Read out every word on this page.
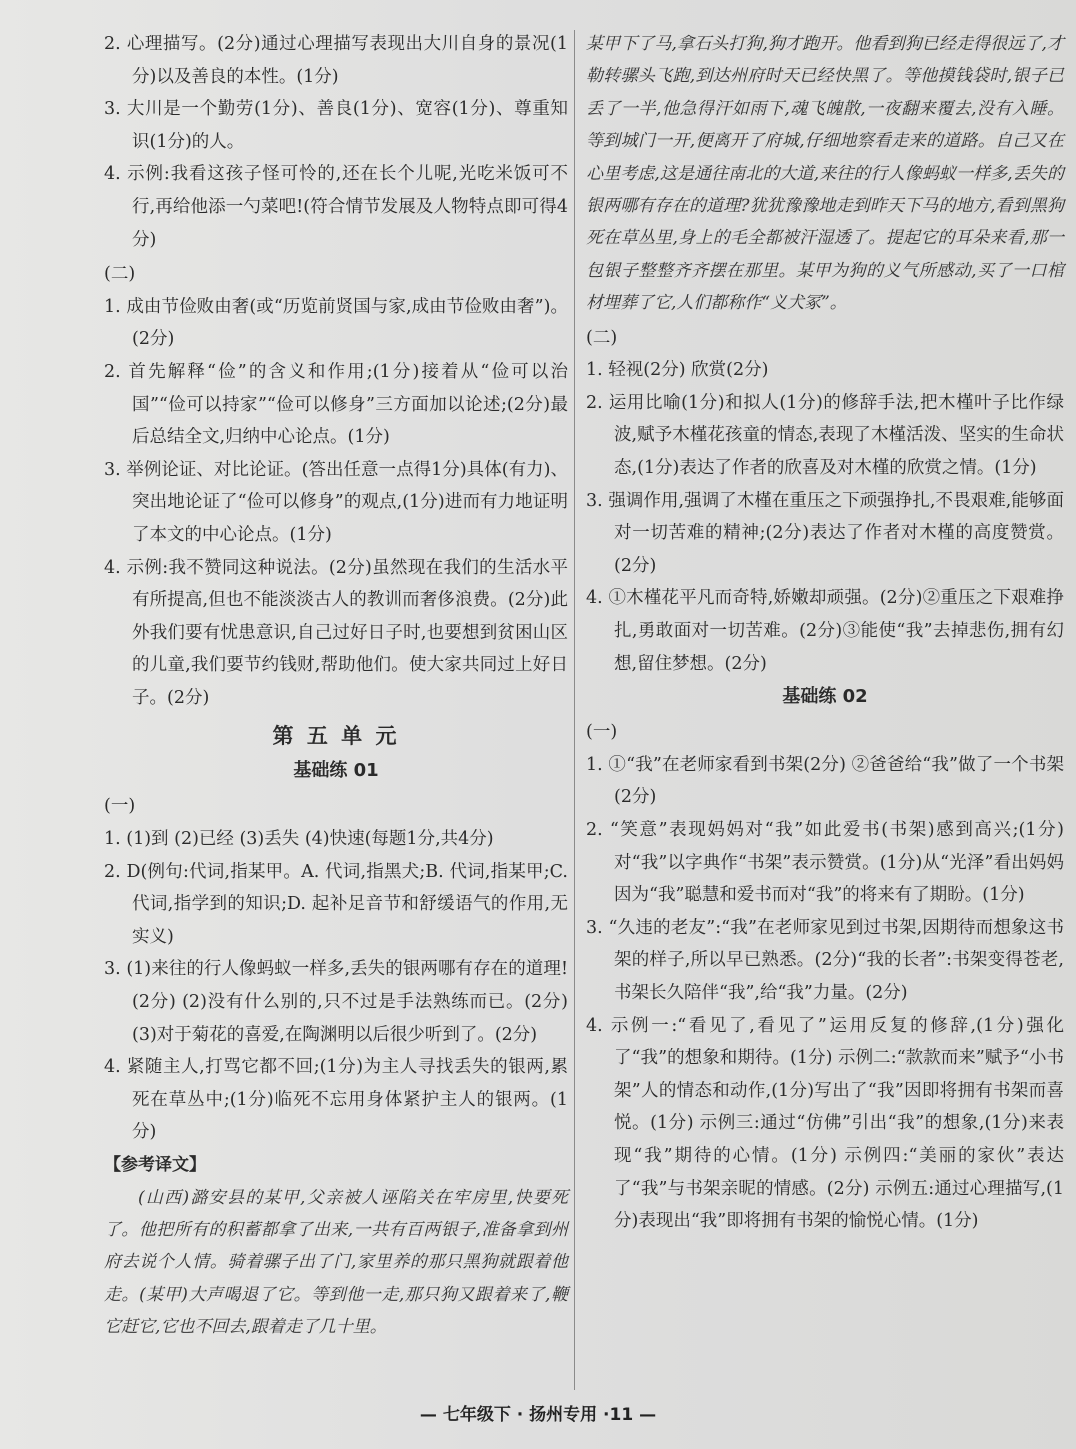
2. 心理描写。(2分)通过心理描写表现出大川自身的景况(1分)以及善良的本性。(1分)

3. 大川是一个勤劳(1分)、善良(1分)、宽容(1分)、尊重知识(1分)的人。

4. 示例:我看这孩子怪可怜的,还在长个儿呢,光吃米饭可不行,再给他添一勺菜吧!(符合情节发展及人物特点即可得4分)

(二)

1. 成由节俭败由奢(或“历览前贤国与家,成由节俭败由奢”)。(2分)

2. 首先解释“俭”的含义和作用;(1分)接着从“俭可以治国”“俭可以持家”“俭可以修身”三方面加以论述;(2分)最后总结全文,归纳中心论点。(1分)

3. 举例论证、对比论证。(答出任意一点得1分)具体(有力)、突出地论证了“俭可以修身”的观点,(1分)进而有力地证明了本文的中心论点。(1分)

4. 示例:我不赞同这种说法。(2分)虽然现在我们的生活水平有所提高,但也不能淡淡古人的教训而奢侈浪费。(2分)此外我们要有忧患意识,自己过好日子时,也要想到贫困山区的儿童,我们要节约钱财,帮助他们。使大家共同过上好日子。(2分)

第 五 单 元

基础练 01

(一)

1. (1)到 (2)已经 (3)丢失 (4)快速(每题1分,共4分)

2. D(例句:代词,指某甲。A. 代词,指黑犬;B. 代词,指某甲;C. 代词,指学到的知识;D. 起补足音节和舒缓语气的作用,无实义)

3. (1)来往的行人像蚂蚁一样多,丢失的银两哪有存在的道理!(2分) (2)没有什么别的,只不过是手法熟练而已。(2分) (3)对于菊花的喜爱,在陶渊明以后很少听到了。(2分)

4. 紧随主人,打骂它都不回;(1分)为主人寻找丢失的银两,累死在草丛中;(1分)临死不忘用身体紧护主人的银两。(1分)

【参考译文】

(山西)潞安县的某甲,父亲被人诬陷关在牢房里,快要死了。他把所有的积蓄都拿了出来,一共有百两银子,准备拿到州府去说个人情。骑着骡子出了门,家里养的那只黑狗就跟着他走。(某甲)大声喝退了它。等到他一走,那只狗又跟着来了,鞭它赶它,它也不回去,跟着走了几十里。

某甲下了马,拿石头打狗,狗才跑开。他看到狗已经走得很远了,才勒转骡头飞跑,到达州府时天已经快黑了。等他摸钱袋时,银子已丢了一半,他急得汗如雨下,魂飞魄散,一夜翻来覆去,没有入睡。等到城门一开,便离开了府城,仔细地察看走来的道路。自己又在心里考虑,这是通往南北的大道,来往的行人像蚂蚁一样多,丢失的银两哪有存在的道理?犹犹豫豫地走到昨天下马的地方,看到黑狗死在草丛里,身上的毛全都被汗湿透了。提起它的耳朵来看,那一包银子整整齐齐摆在那里。某甲为狗的义气所感动,买了一口棺材埋葬了它,人们都称作“义犬冢”。

(二)

1. 轻视(2分) 欣赏(2分)

2. 运用比喻(1分)和拟人(1分)的修辞手法,把木槿叶子比作绿波,赋予木槿花孩童的情态,表现了木槿活泼、坚实的生命状态,(1分)表达了作者的欣喜及对木槿的欣赏之情。(1分)

3. 强调作用,强调了木槿在重压之下顽强挣扎,不畏艰难,能够面对一切苦难的精神;(2分)表达了作者对木槿的高度赞赏。(2分)

4. ①木槿花平凡而奇特,娇嫩却顽强。(2分)②重压之下艰难挣扎,勇敢面对一切苦难。(2分)③能使“我”去掉悲伤,拥有幻想,留住梦想。(2分)

基础练 02

(一)

1. ①“我”在老师家看到书架(2分) ②爸爸给“我”做了一个书架(2分)

2. “笑意”表现妈妈对“我”如此爱书(书架)感到高兴;(1分)对“我”以字典作“书架”表示赞赏。(1分)从“光泽”看出妈妈因为“我”聪慧和爱书而对“我”的将来有了期盼。(1分)

3. “久违的老友”:“我”在老师家见到过书架,因期待而想象这书架的样子,所以早已熟悉。(2分)“我的长者”:书架变得苍老,书架长久陪伴“我”,给“我”力量。(2分)

4. 示例一:“看见了,看见了”运用反复的修辞,(1分)强化了“我”的想象和期待。(1分) 示例二:“款款而来”赋予“小书架”人的情态和动作,(1分)写出了“我”因即将拥有书架而喜悦。(1分) 示例三:通过“仿佛”引出“我”的想象,(1分)来表现“我”期待的心情。(1分) 示例四:“美丽的家伙”表达了“我”与书架亲昵的情感。(2分) 示例五:通过心理描写,(1分)表现出“我”即将拥有书架的愉悦心情。(1分)

— 七年级下 · 扬州专用 ·11 —
